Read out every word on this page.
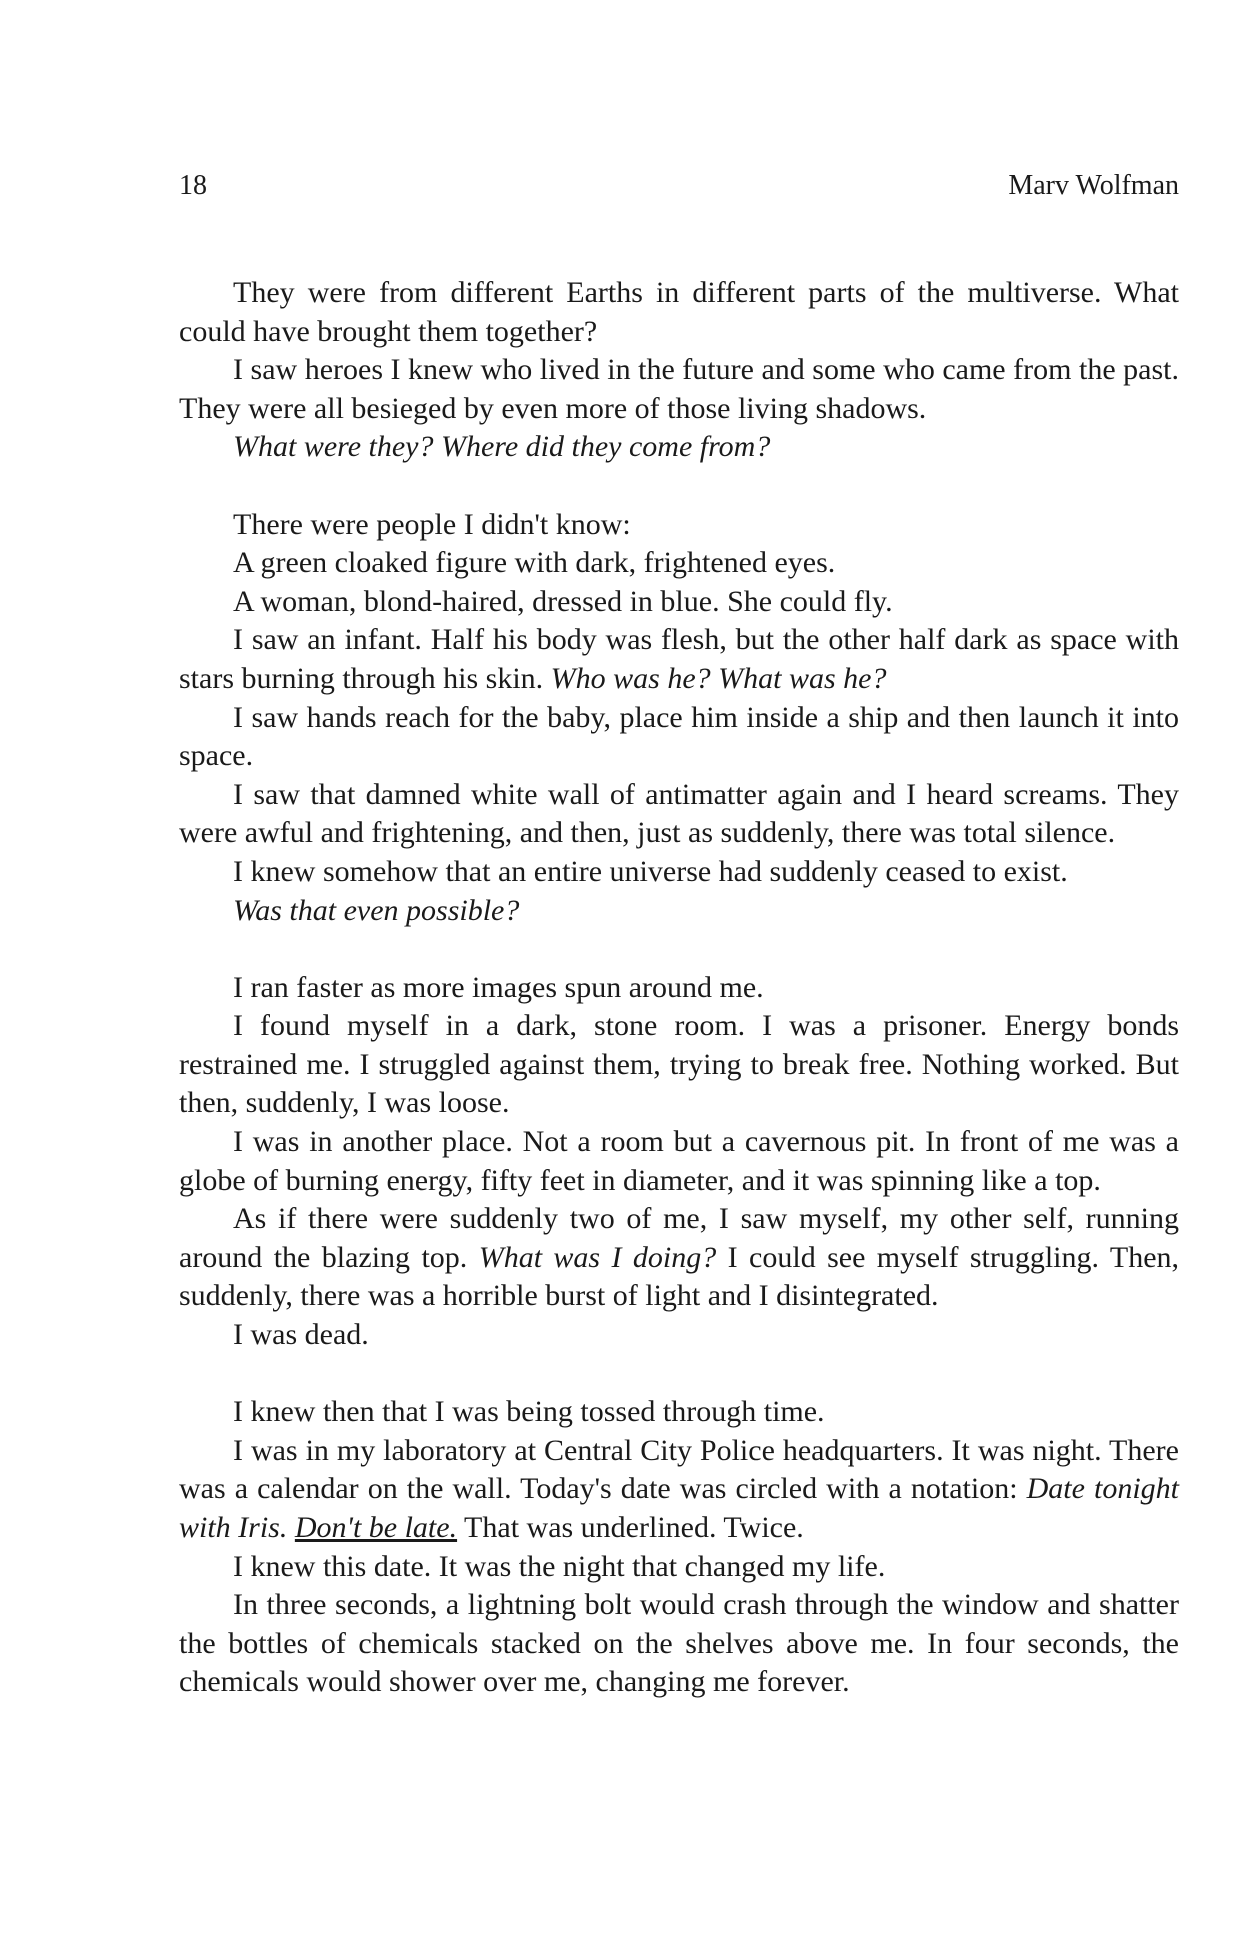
18	Marv Wolfman

They were from different Earths in different parts of the multiverse. What could have brought them together?

I saw heroes I knew who lived in the future and some who came from the past. They were all besieged by even more of those living shadows.

What were they? Where did they come from?

There were people I didn't know:

A green cloaked figure with dark, frightened eyes.

A woman, blond-haired, dressed in blue. She could fly.

I saw an infant. Half his body was flesh, but the other half dark as space with stars burning through his skin. Who was he? What was he?

I saw hands reach for the baby, place him inside a ship and then launch it into space.

I saw that damned white wall of antimatter again and I heard screams. They were awful and frightening, and then, just as suddenly, there was total silence.

I knew somehow that an entire universe had suddenly ceased to exist.

Was that even possible?

I ran faster as more images spun around me.

I found myself in a dark, stone room. I was a prisoner. Energy bonds restrained me. I struggled against them, trying to break free. Nothing worked. But then, suddenly, I was loose.

I was in another place. Not a room but a cavernous pit. In front of me was a globe of burning energy, fifty feet in diameter, and it was spinning like a top.

As if there were suddenly two of me, I saw myself, my other self, running around the blazing top. What was I doing? I could see myself struggling. Then, suddenly, there was a horrible burst of light and I disintegrated.

I was dead.

I knew then that I was being tossed through time.

I was in my laboratory at Central City Police headquarters. It was night. There was a calendar on the wall. Today's date was circled with a notation: Date tonight with Iris. Don't be late. That was underlined. Twice.

I knew this date. It was the night that changed my life.

In three seconds, a lightning bolt would crash through the window and shatter the bottles of chemicals stacked on the shelves above me. In four seconds, the chemicals would shower over me, changing me forever.
